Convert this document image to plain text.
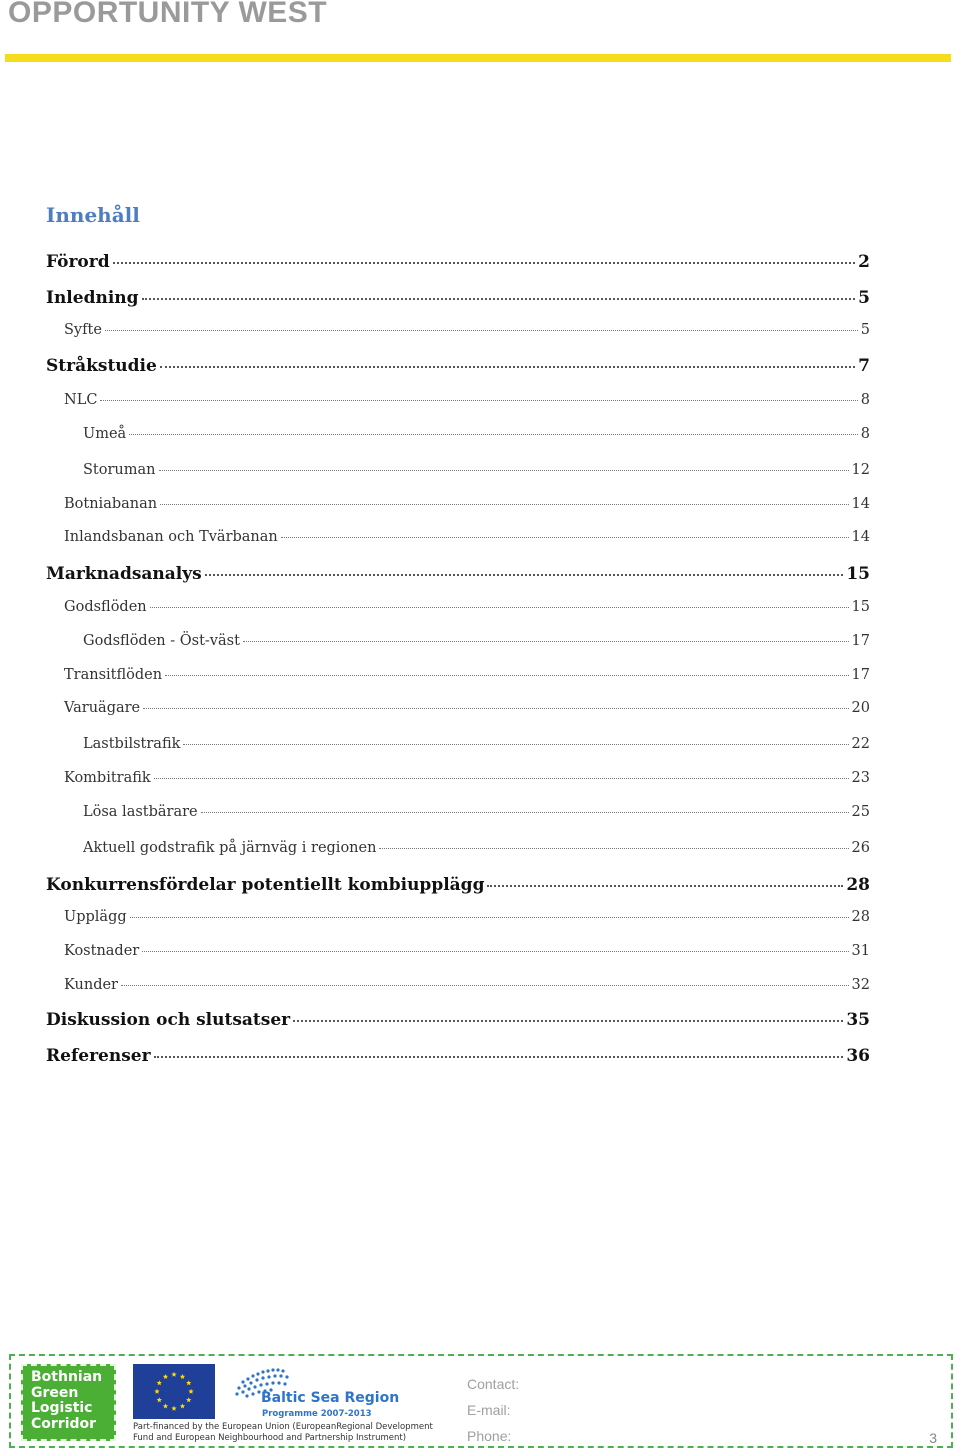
OPPORTUNITY WEST
Innehåll
Förord	2
Inledning	5
Syfte	5
Stråkstudie	7
NLC	8
Umeå	8
Storuman	12
Botniabanan	14
Inlandsbanan och Tvärbanan	14
Marknadsanalys	15
Godsflöden	15
Godsflöden - Öst-väst	17
Transitflöden	17
Varuägare	20
Lastbilstrafik	22
Kombitrafik	23
Lösa lastbärare	25
Aktuell godstrafik på järnväg i regionen	26
Konkurrensfördelar potentiellt kombiupplägg	28
Upplägg	28
Kostnader	31
Kunder	32
Diskussion och slutsatser	35
Referenser	36
Bothnian
Green
Logistic
Corridor
Baltic Sea Region
Programme 2007-2013
Part-financed by the European Union (EuropeanRegional Development
Fund and European Neighbourhood and Partnership Instrument)
Contact:
E-mail:
Phone:	3
